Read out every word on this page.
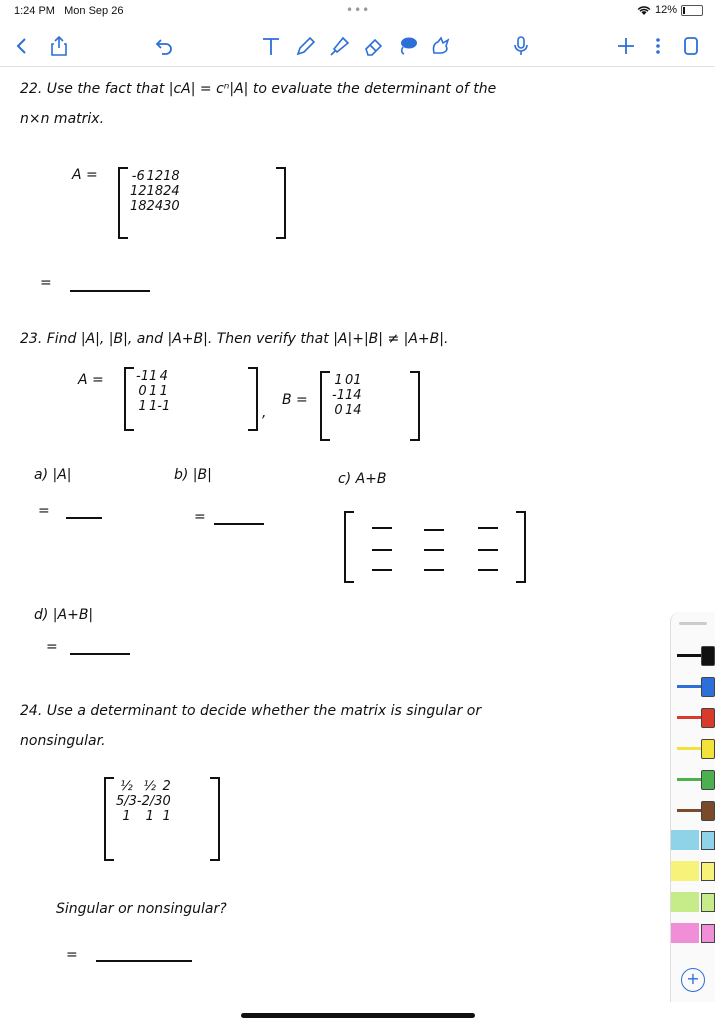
1:24 PM Mon Sep 26	•••	12%
22. Use the fact that |cA| = cⁿ|A| to evaluate the determinant of the
n×n matrix.
A =	-6	12	18
12	18	24
18	24	30
=
23. Find |A|, |B|, and |A+B|. Then verify that |A|+|B| ≠ |A+B|.
A = -1	1	4
0	1	1
1	1	-1	,
B =
1	0	1
-1	1	4
0	1	4
a) |A|
=
b) |B|
=
c) A+B
d) |A+B|
=
24. Use a determinant to decide whether the matrix is singular or
nonsingular.
½	½	2
5/3	-2/3	0
1	1	1
Singular or nonsingular?
=
+
